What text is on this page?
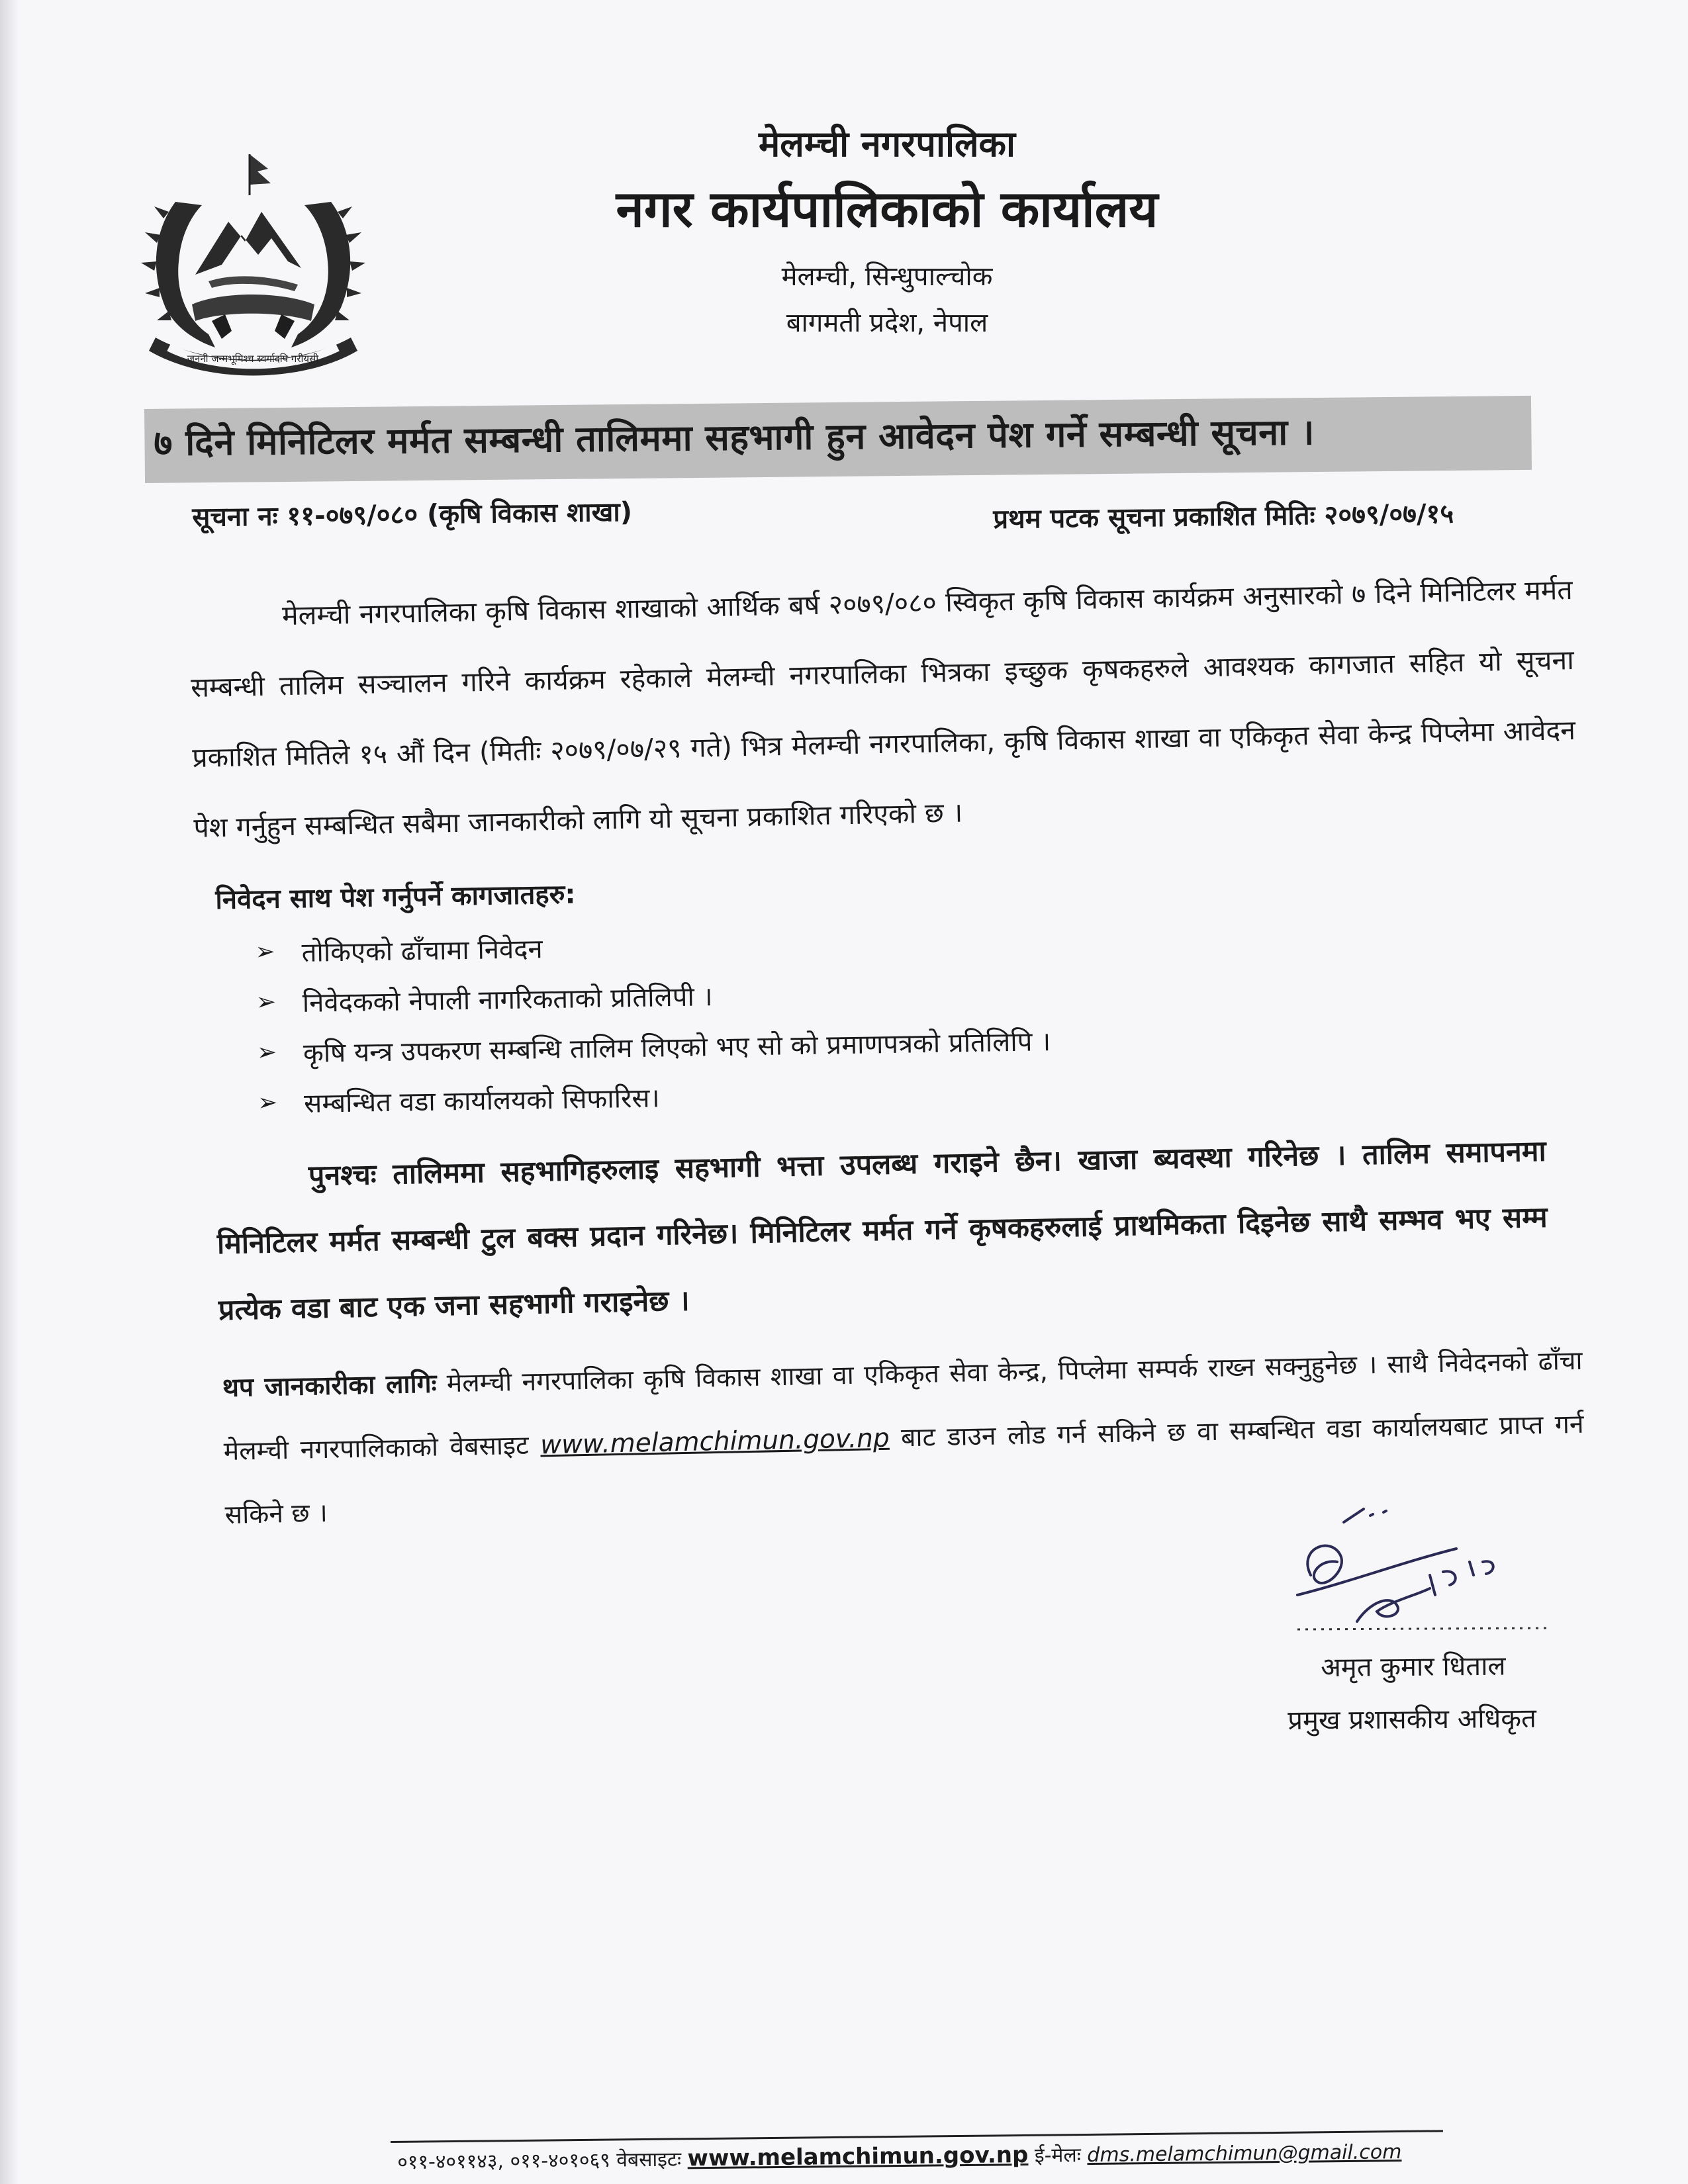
जननी जन्मभूमिश्च स्वर्गादपि गरीयसी
मेलम्ची नगरपालिका
नगर कार्यपालिकाको कार्यालय
मेलम्ची, सिन्धुपाल्चोक
बागमती प्रदेश, नेपाल
७ दिने मिनिटिलर मर्मत सम्बन्धी तालिममा सहभागी हुन आवेदन पेश गर्ने सम्बन्धी सूचना ।
सूचना नः ११-०७९/०८० (कृषि विकास शाखा)	प्रथम पटक सूचना प्रकाशित मितिः २०७९/०७/१५
मेलम्ची नगरपालिका कृषि विकास शाखाको आर्थिक बर्ष २०७९/०८० स्विकृत कृषि विकास कार्यक्रम अनुसारको ७ दिने मिनिटिलर मर्मत सम्बन्धी तालिम सञ्चालन गरिने कार्यक्रम रहेकाले मेलम्ची नगरपालिका भित्रका इच्छुक कृषकहरुले आवश्यक कागजात सहित यो सूचना प्रकाशित मितिले १५ औं दिन (मितीः २०७९/०७/२९ गते) भित्र मेलम्ची नगरपालिका, कृषि विकास शाखा वा एकिकृत सेवा केन्द्र पिप्लेमा आवेदन पेश गर्नुहुन सम्बन्धित सबैमा जानकारीको लागि यो सूचना प्रकाशित गरिएको छ ।
निवेदन साथ पेश गर्नुपर्ने कागजातहरु:
➢ तोकिएको ढाँचामा निवेदन
➢ निवेदकको नेपाली नागरिकताको प्रतिलिपी ।
➢ कृषि यन्त्र उपकरण सम्बन्धि तालिम लिएको भए सो को प्रमाणपत्रको प्रतिलिपि ।
➢ सम्बन्धित वडा कार्यालयको सिफारिस।
पुनश्चः तालिममा सहभागिहरुलाइ सहभागी भत्ता उपलब्ध गराइने छैन। खाजा ब्यवस्था गरिनेछ । तालिम समापनमा मिनिटिलर मर्मत सम्बन्धी टुल बक्स प्रदान गरिनेछ। मिनिटिलर मर्मत गर्ने कृषकहरुलाई प्राथमिकता दिइनेछ साथै सम्भव भए सम्म प्रत्येक वडा बाट एक जना सहभागी गराइनेछ ।
थप जानकारीका लागिः मेलम्ची नगरपालिका कृषि विकास शाखा वा एकिकृत सेवा केन्द्र, पिप्लेमा सम्पर्क राख्न सक्नुहुनेछ । साथै निवेदनको ढाँचा मेलम्ची नगरपालिकाको वेबसाइट www.melamchimun.gov.np बाट डाउन लोड गर्न सकिने छ वा सम्बन्धित वडा कार्यालयबाट प्राप्त गर्न सकिने छ ।
अमृत कुमार धिताल
प्रमुख प्रशासकीय अधिकृत
०११-४०११४३, ०११-४०१०६९ वेबसाइटः www.melamchimun.gov.np ई-मेलः dms.melamchimun@gmail.com
